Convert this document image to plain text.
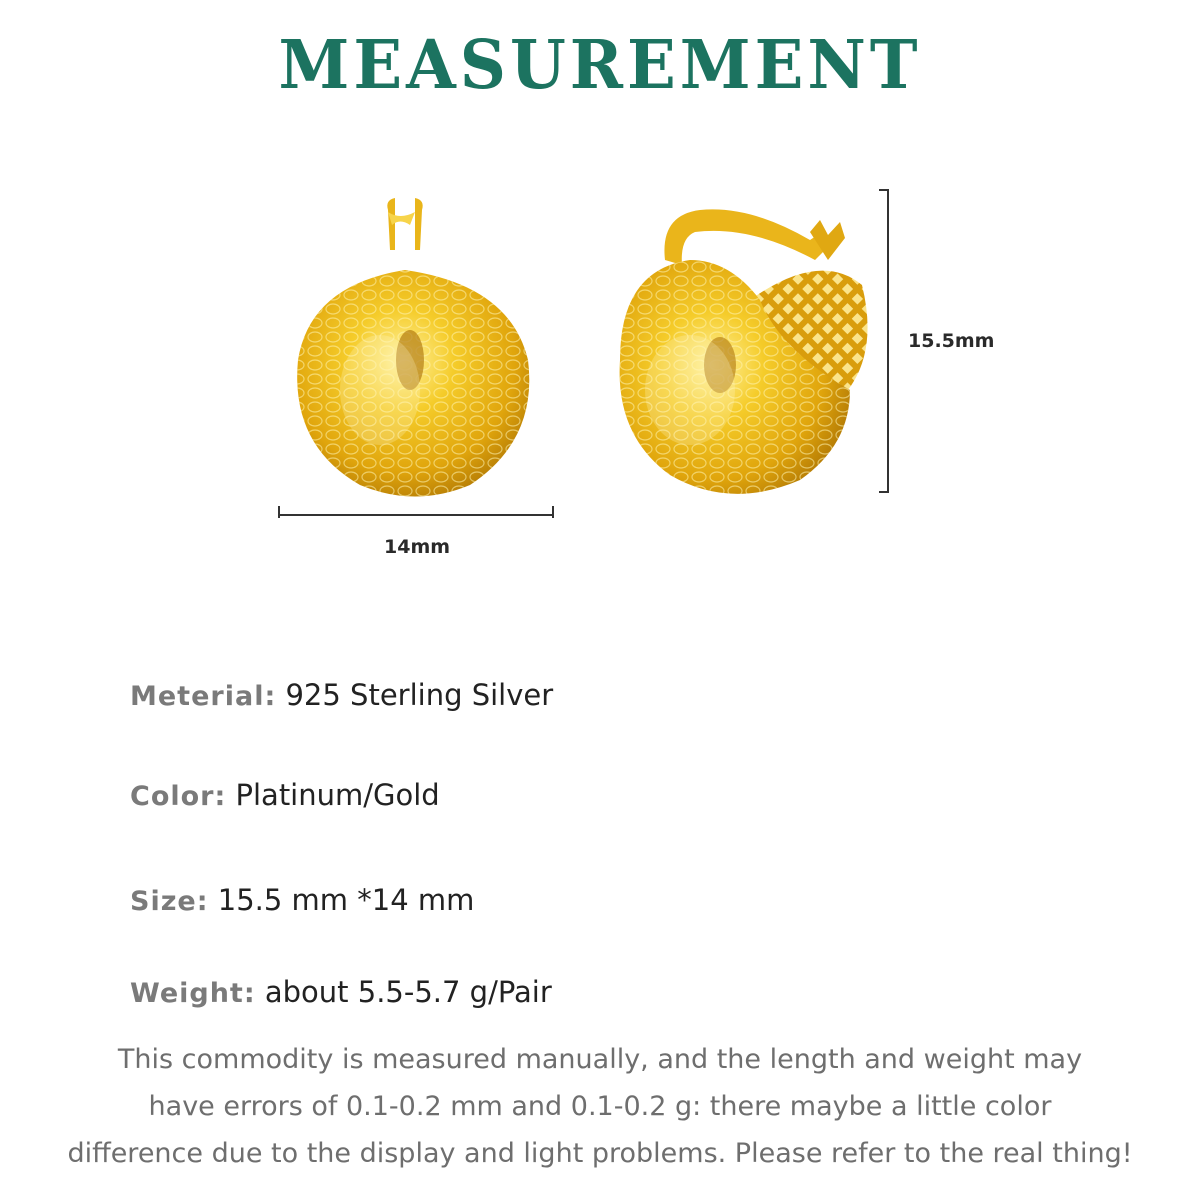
MEASUREMENT
14mm
15.5mm
Meterial: 925 Sterling Silver
Color: Platinum/Gold
Size: 15.5 mm *14 mm
Weight: about 5.5-5.7 g/Pair
This commodity is measured manually, and the length and weight may
have errors of 0.1-0.2 mm and 0.1-0.2 g: there maybe a little color
difference due to the display and light problems. Please refer to the real thing!
